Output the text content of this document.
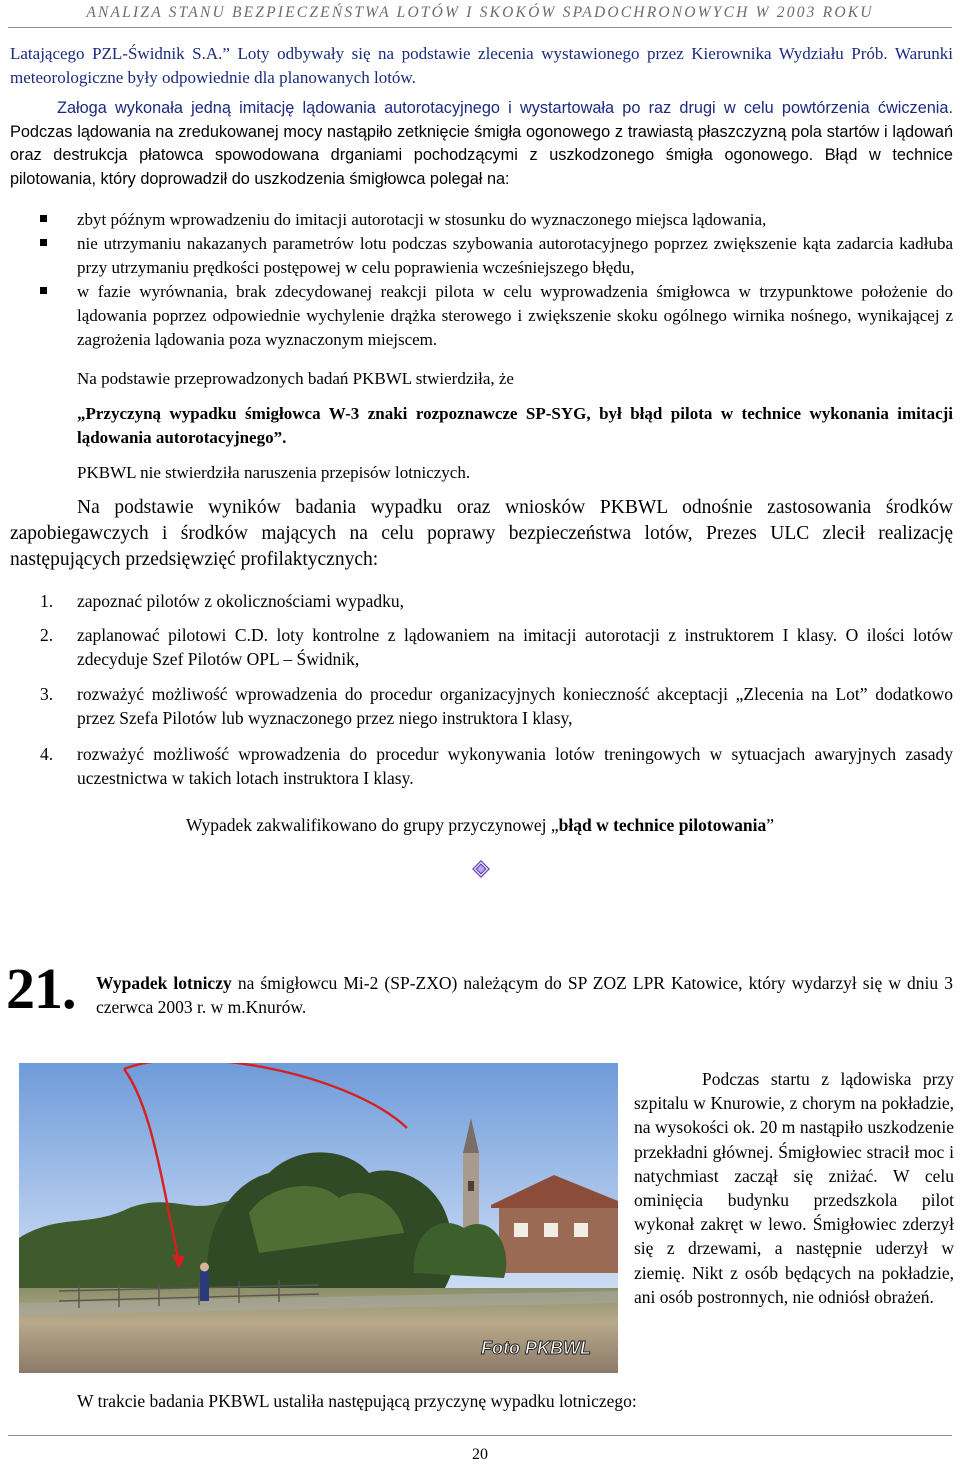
ANALIZA STANU BEZPIECZEŃSTWA LOTÓW I SKOKÓW SPADOCHRONOWYCH W 2003 ROKU
Latającego PZL-Świdnik S.A.” Loty odbywały się na podstawie zlecenia wystawionego przez Kierownika Wydziału Prób. Warunki meteorologiczne były odpowiednie dla planowanych lotów.
Załoga wykonała jedną imitację lądowania autorotacyjnego i wystartowała po raz drugi w celu powtórzenia ćwiczenia. Podczas lądowania na zredukowanej mocy nastąpiło zetknięcie śmigła ogonowego z trawiastą płaszczyzną pola startów i lądowań oraz destrukcja płatowca spowodowana drganiami pochodzącymi z uszkodzonego śmigła ogonowego. Błąd w technice pilotowania, który doprowadził do uszkodzenia śmigłowca polegał na:
zbyt późnym wprowadzeniu do imitacji autorotacji w stosunku do wyznaczonego miejsca lądowania,
nie utrzymaniu nakazanych parametrów lotu podczas szybowania autorotacyjnego poprzez zwiększenie kąta zadarcia kadłuba przy utrzymaniu prędkości postępowej w celu poprawienia wcześniejszego błędu,
w fazie wyrównania, brak zdecydowanej reakcji pilota w celu wyprowadzenia śmigłowca w trzypunktowe położenie do lądowania poprzez odpowiednie wychylenie drążka sterowego i zwiększenie skoku ogólnego wirnika nośnego, wynikającej z zagrożenia lądowania poza wyznaczonym miejscem.
Na podstawie przeprowadzonych badań PKBWL stwierdziła, że
„Przyczyną wypadku śmigłowca W-3 znaki rozpoznawcze SP-SYG, był błąd pilota w technice wykonania imitacji lądowania autorotacyjnego”.
PKBWL nie stwierdziła naruszenia przepisów lotniczych.
Na podstawie wyników badania wypadku oraz wniosków PKBWL odnośnie zastosowania środków zapobiegawczych i środków mających na celu poprawy bezpieczeństwa lotów, Prezes ULC zlecił realizację następujących przedsięwzięć profilaktycznych:
1. zapoznać pilotów z okolicznościami wypadku,
2. zaplanować pilotowi C.D. loty kontrolne z lądowaniem na imitacji autorotacji z instruktorem I klasy. O ilości lotów zdecyduje Szef Pilotów OPL – Świdnik,
3. rozważyć możliwość wprowadzenia do procedur organizacyjnych konieczność akceptacji „Zlecenia na Lot” dodatkowo przez Szefa Pilotów lub wyznaczonego przez niego instruktora I klasy,
4. rozważyć możliwość wprowadzenia do procedur wykonywania lotów treningowych w sytuacjach awaryjnych zasady uczestnictwa w takich lotach instruktora I klasy.
Wypadek zakwalifikowano do grupy przyczynowej „błąd w technice pilotowania”
21. Wypadek lotniczy na śmigłowcu Mi-2 (SP-ZXO) należącym do SP ZOZ LPR Katowice, który wydarzył się w dniu 3 czerwca 2003 r. w m.Knurów.
Foto PKBWL
Podczas startu z lądowiska przy szpitalu w Knurowie, z chorym na pokładzie, na wysokości ok. 20 m nastąpiło uszkodzenie przekładni głównej. Śmigłowiec stracił moc i natychmiast zaczął się zniżać. W celu ominięcia budynku przedszkola pilot wykonał zakręt w lewo. Śmigłowiec zderzył się z drzewami, a następnie uderzył w ziemię. Nikt z osób będących na pokładzie, ani osób postronnych, nie odniósł obrażeń.
W trakcie badania PKBWL ustaliła następującą przyczynę wypadku lotniczego:
20
